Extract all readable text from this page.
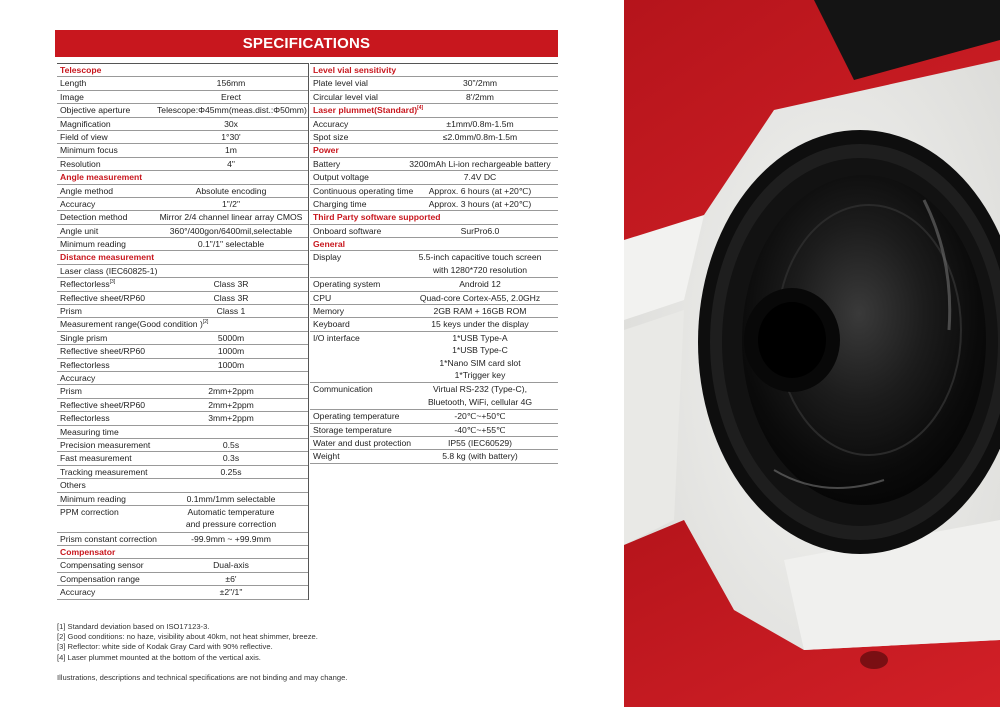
SPECIFICATIONS
Telescope
Length	156mm
Image	Erect
Objective aperture	Telescope:Φ45mm(meas.dist.:Φ50mm)
Magnification	30x
Field of view	1°30'
Minimum focus	1m
Resolution	4"
Angle measurement
Angle method	Absolute encoding
Accuracy	1"/2"
Detection method	Mirror 2/4 channel linear array CMOS
Angle unit	360°/400gon/6400mil,selectable
Minimum reading	0.1"/1" selectable
Distance measurement
Laser class (IEC60825-1)
Reflectorless[3]	Class 3R
Reflective sheet/RP60	Class 3R
Prism	Class 1
Measurement range(Good condition )[2]
Single prism	5000m
Reflective sheet/RP60	1000m
Reflectorless	1000m
Accuracy
Prism	2mm+2ppm
Reflective sheet/RP60	2mm+2ppm
Reflectorless	3mm+2ppm
Measuring time
Precision measurement	0.5s
Fast measurement	0.3s
Tracking measurement	0.25s
Others
Minimum reading	0.1mm/1mm selectable
PPM correction	Automatic temperature
and pressure correction
Prism constant correction	-99.9mm ~ +99.9mm
Compensator
Compensating sensor	Dual-axis
Compensation range	±6'
Accuracy	±2"/1"
Level vial sensitivity
Plate level vial	30"/2mm
Circular level vial	8'/2mm
Laser plummet(Standard)[4]
Accuracy	±1mm/0.8m-1.5m
Spot size	≤2.0mm/0.8m-1.5m
Power
Battery	3200mAh Li-ion rechargeable battery
Output voltage	7.4V DC
Continuous operating time	Approx. 6 hours (at +20℃)
Charging time	Approx. 3 hours (at +20℃)
Third Party software supported
Onboard software	SurPro6.0
General
Display	5.5-inch capacitive touch screen
with 1280*720 resolution
Operating system	Android 12
CPU	Quad-core Cortex-A55, 2.0GHz
Memory	2GB RAM + 16GB ROM
Keyboard	15 keys under the display
I/O interface	1*USB Type-A
1*USB Type-C
1*Nano SIM card slot
1*Trigger key
Communication	Virtual RS-232 (Type-C),
Bluetooth, WiFi, cellular 4G
Operating temperature	-20℃~+50℃
Storage temperature	-40℃~+55℃
Water and dust protection	IP55 (IEC60529)
Weight	5.8 kg (with battery)
[1] Standard deviation based on ISO17123-3.
[2] Good conditions: no haze, visibility about 40km, not heat shimmer, breeze.
[3] Reflector: white side of Kodak Gray Card with 90% reflective.
[4] Laser plummet mounted at the bottom of the vertical axis.
Illustrations, descriptions and technical specifications are not binding and may change.
